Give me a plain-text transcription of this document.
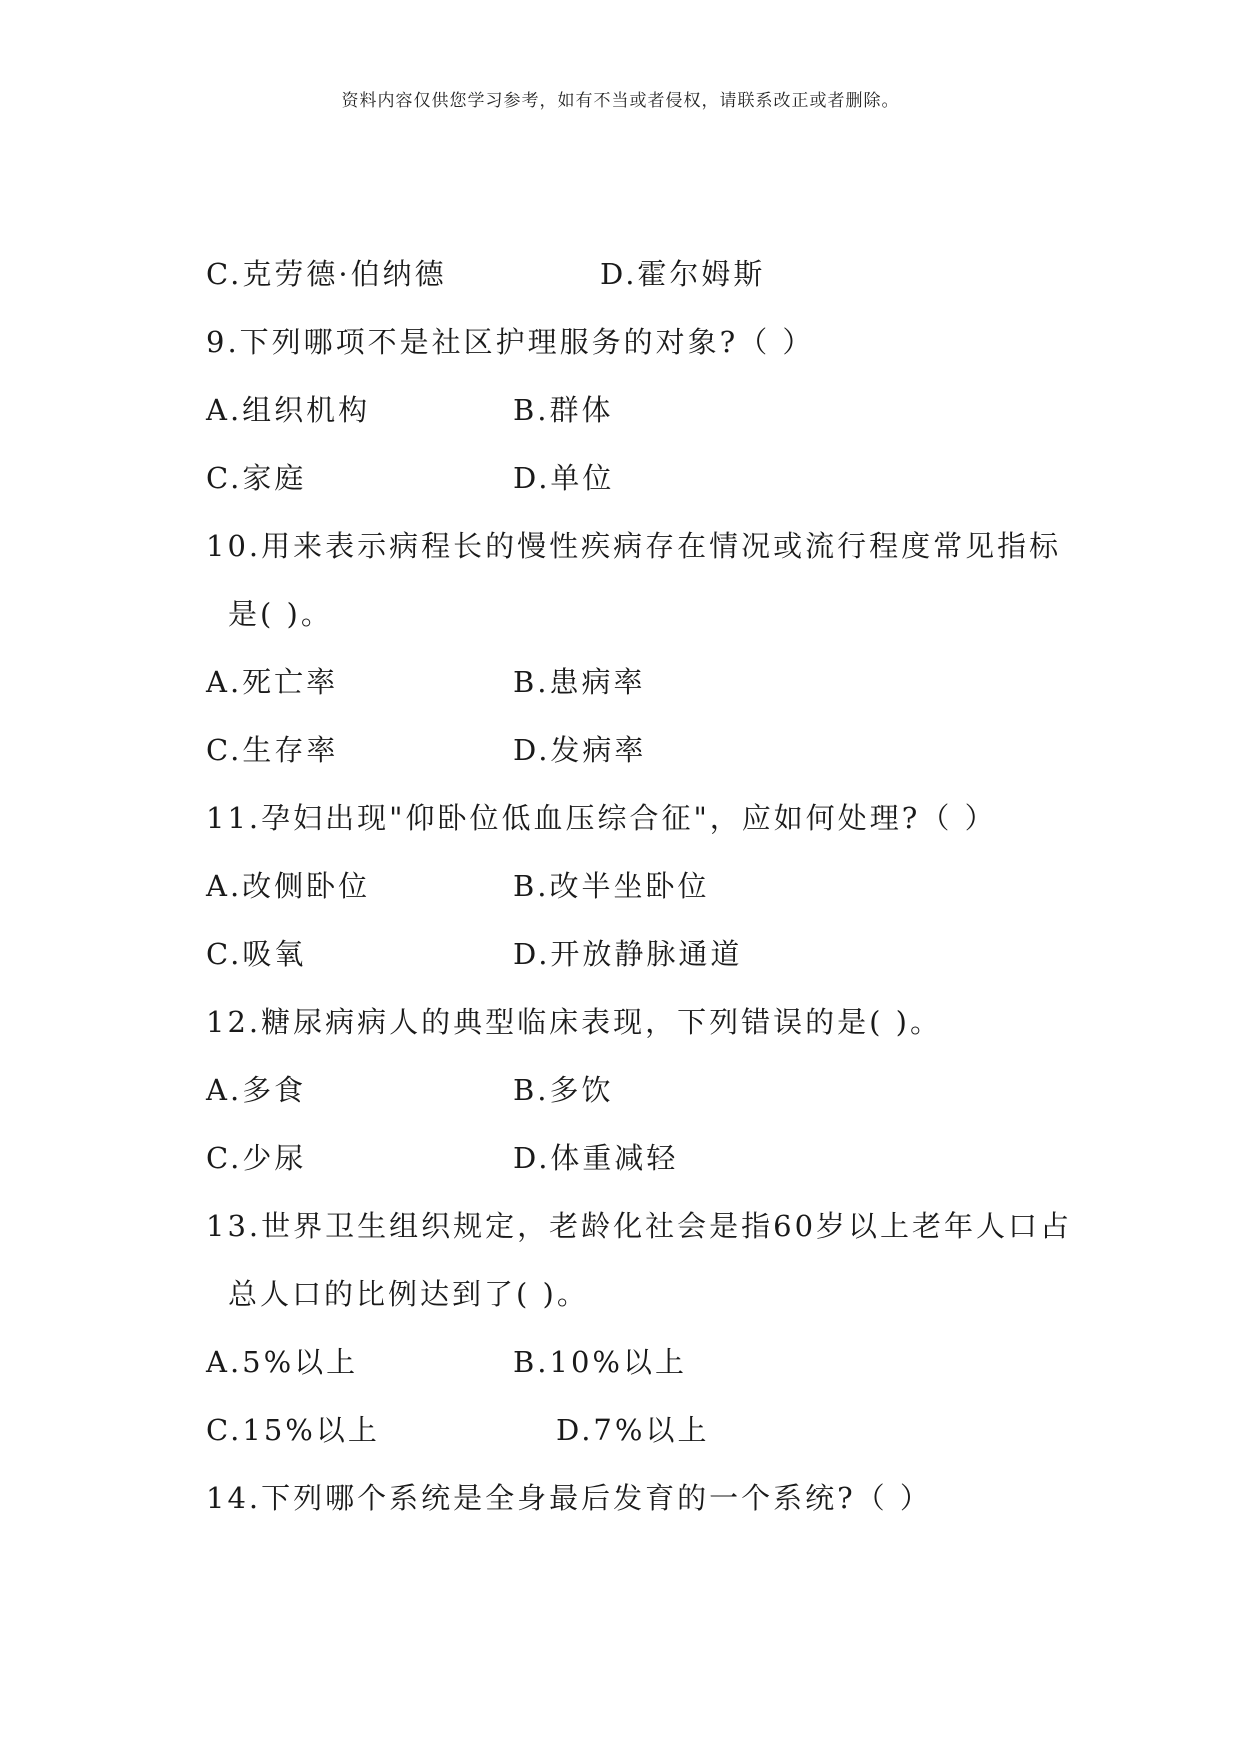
资料内容仅供您学习参考，如有不当或者侵权，请联系改正或者删除。
C.克劳德·伯纳德	D.霍尔姆斯
9.下列哪项不是社区护理服务的对象?（ ）
A.组织机构	B.群体
C.家庭	D.单位
10.用来表示病程长的慢性疾病存在情况或流行程度常见指标
是( )。
A.死亡率	B.患病率
C.生存率	D.发病率
11.孕妇出现"仰卧位低血压综合征"，应如何处理?（ ）
A.改侧卧位	B.改半坐卧位
C.吸氧	D.开放静脉通道
12.糖尿病病人的典型临床表现，下列错误的是( )。
A.多食	B.多饮
C.少尿	D.体重减轻
13.世界卫生组织规定，老龄化社会是指60岁以上老年人口占
总人口的比例达到了( )。
A.5%以上	B.10%以上
C.15%以上	D.7%以上
14.下列哪个系统是全身最后发育的一个系统?（ ）
